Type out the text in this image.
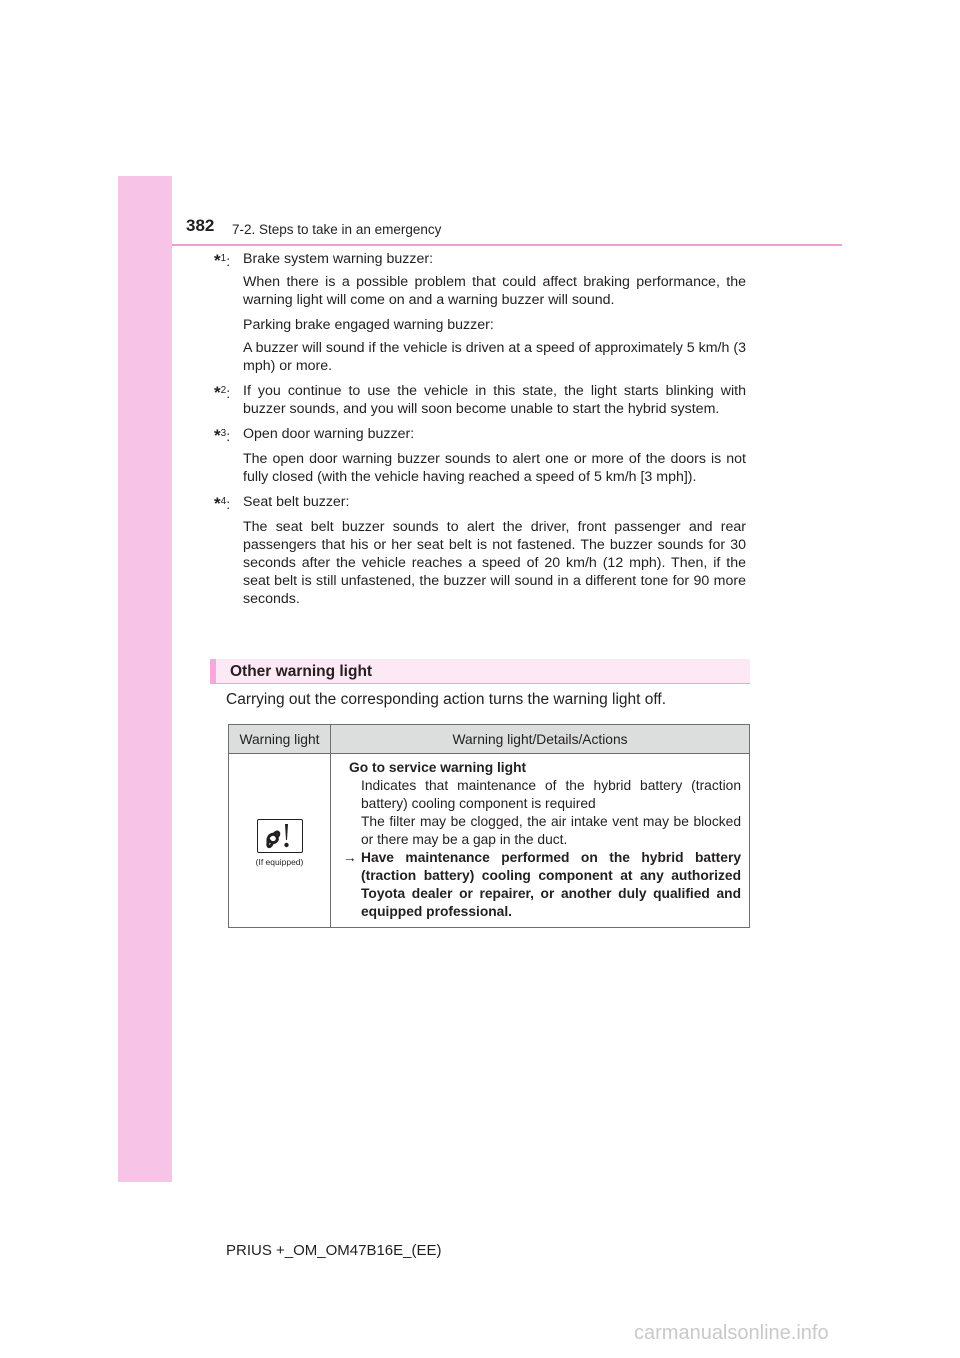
382 7-2. Steps to take in an emergency
*$^1$: Brake system warning buzzer:

When there is a possible problem that could affect braking performance, the warning light will come on and a warning buzzer will sound.

Parking brake engaged warning buzzer:

A buzzer will sound if the vehicle is driven at a speed of approximately 5 km/h (3 mph) or more.

*$^2$: If you continue to use the vehicle in this state, the light starts blinking with buzzer sounds, and you will soon become unable to start the hybrid system.

*$^3$: Open door warning buzzer:

The open door warning buzzer sounds to alert one or more of the doors is not fully closed (with the vehicle having reached a speed of 5 km/h [3 mph]).

*$^4$: Seat belt buzzer:

The seat belt buzzer sounds to alert the driver, front passenger and rear passengers that his or her seat belt is not fastened. The buzzer sounds for 30 seconds after the vehicle reaches a speed of 20 km/h (12 mph). Then, if the seat belt is still unfastened, the buzzer will sound in a different tone for 90 more seconds.

Other warning light
Carrying out the corresponding action turns the warning light off.
Warning light	Warning light/Details/Actions

(If equipped)	Go to service warning light
Indicates that maintenance of the hybrid battery (traction battery) cooling component is required
The filter may be clogged, the air intake vent may be blocked or there may be a gap in the duct.
→ Have maintenance performed on the hybrid battery (traction battery) cooling component at any authorized Toyota dealer or repairer, or another duly qualified and equipped professional.
PRIUS +_OM_OM47B16E_(EE)
carmanualsonline.info
